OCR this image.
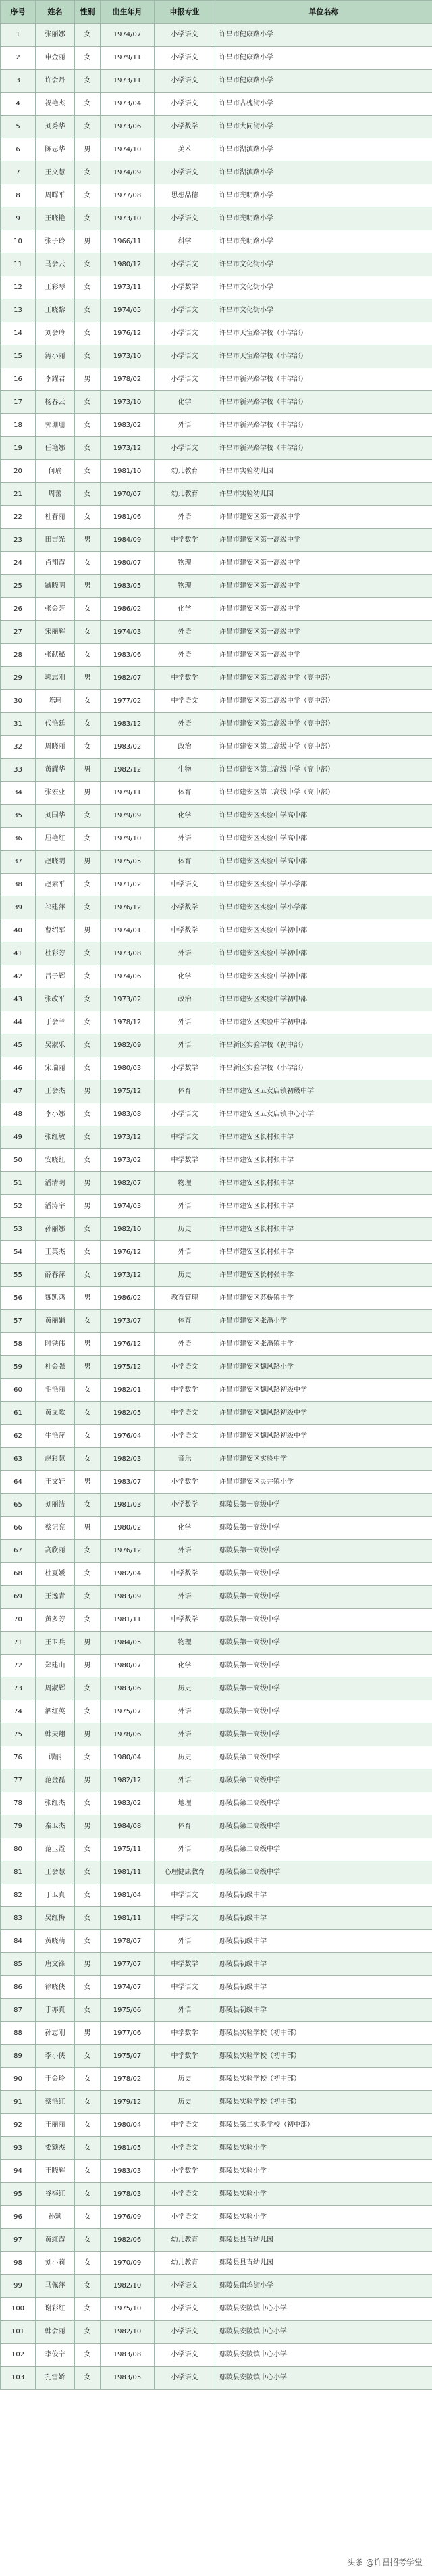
序号	姓名	性别	出生年月	申报专业	单位名称
1	张丽娜	女	1974/07	小学语文	许昌市健康路小学
2	申金丽	女	1979/11	小学语文	许昌市健康路小学
3	许会丹	女	1973/11	小学语文	许昌市健康路小学
4	祝艳杰	女	1973/04	小学语文	许昌市古槐街小学
5	刘秀华	女	1973/06	小学数学	许昌市大同街小学
6	陈志华	男	1974/10	美术	许昌市湖滨路小学
7	王文慧	女	1974/09	小学语文	许昌市湖滨路小学
8	周晖平	女	1977/08	思想品德	许昌市光明路小学
9	王晓艳	女	1973/10	小学语文	许昌市光明路小学
10	张子玲	男	1966/11	科学	许昌市光明路小学
11	马会云	女	1980/12	小学语文	许昌市文化街小学
12	王彩琴	女	1973/11	小学数学	许昌市文化街小学
13	王晓黎	女	1974/05	小学语文	许昌市文化街小学
14	刘会玲	女	1976/12	小学语文	许昌市天宝路学校（小学部）
15	涛小丽	女	1973/10	小学语文	许昌市天宝路学校（小学部）
16	李耀君	男	1978/02	小学语文	许昌市新兴路学校（中学部）
17	杨春云	女	1973/10	化学	许昌市新兴路学校（中学部）
18	郭珊珊	女	1983/02	外语	许昌市新兴路学校（中学部）
19	任艳娜	女	1973/12	小学语文	许昌市新兴路学校（中学部）
20	何瑜	女	1981/10	幼儿教育	许昌市实验幼儿园
21	周蕾	女	1970/07	幼儿教育	许昌市实验幼儿园
22	杜春丽	女	1981/06	外语	许昌市建安区第一高级中学
23	田吉光	男	1984/09	中学数学	许昌市建安区第一高级中学
24	肖翔霞	女	1980/07	物理	许昌市建安区第一高级中学
25	臧晓明	男	1983/05	物理	许昌市建安区第一高级中学
26	张会芳	女	1986/02	化学	许昌市建安区第一高级中学
27	宋丽辉	女	1974/03	外语	许昌市建安区第一高级中学
28	张献秘	女	1983/06	外语	许昌市建安区第一高级中学
29	郭志刚	男	1982/07	中学数学	许昌市建安区第二高级中学（高中部）
30	陈珂	女	1977/02	中学语文	许昌市建安区第二高级中学（高中部）
31	代艳廷	女	1983/12	外语	许昌市建安区第二高级中学（高中部）
32	周晓丽	女	1983/02	政治	许昌市建安区第二高级中学（高中部）
33	黄耀华	男	1982/12	生物	许昌市建安区第二高级中学（高中部）
34	张宏业	男	1979/11	体育	许昌市建安区第二高级中学（高中部）
35	刘国华	女	1979/09	化学	许昌市建安区实验中学高中部
36	屈艳红	女	1979/10	外语	许昌市建安区实验中学高中部
37	赵晓明	男	1975/05	体育	许昌市建安区实验中学高中部
38	赵素平	女	1971/02	中学语文	许昌市建安区实验中学小学部
39	祁建萍	女	1976/12	小学数学	许昌市建安区实验中学小学部
40	曹绍军	男	1974/01	中学数学	许昌市建安区实验中学初中部
41	杜彩芳	女	1973/08	外语	许昌市建安区实验中学初中部
42	吕子辉	女	1974/06	化学	许昌市建安区实验中学初中部
43	张改平	女	1973/02	政治	许昌市建安区实验中学初中部
44	于会兰	女	1978/12	外语	许昌市建安区实验中学初中部
45	吴淑乐	女	1982/09	外语	许昌新区实验学校（初中部）
46	宋瑞丽	女	1980/03	小学数学	许昌新区实验学校（小学部）
47	王会杰	男	1975/12	体育	许昌市建安区五女店镇初级中学
48	李小娜	女	1983/08	小学语文	许昌市建安区五女店镇中心小学
49	张红敏	女	1973/12	中学语文	许昌市建安区长村张中学
50	安晓红	女	1973/02	中学数学	许昌市建安区长村张中学
51	潘清明	男	1982/07	物理	许昌市建安区长村张中学
52	潘涛宇	男	1974/03	外语	许昌市建安区长村张中学
53	孙丽娜	女	1982/10	历史	许昌市建安区长村张中学
54	王英杰	女	1976/12	外语	许昌市建安区长村张中学
55	薛春萍	女	1973/12	历史	许昌市建安区长村张中学
56	魏凯鸿	男	1986/02	教育管理	许昌市建安区苏桥镇中学
57	黄丽娟	女	1973/07	体育	许昌市建安区张潘小学
58	时铁伟	男	1976/12	外语	许昌市建安区张潘镇中学
59	杜会强	男	1975/12	小学语文	许昌市建安区魏风路小学
60	毛艳丽	女	1982/01	中学数学	许昌市建安区魏风路初级中学
61	黄岚歌	女	1982/05	中学语文	许昌市建安区魏风路初级中学
62	牛艳萍	女	1976/04	小学语文	许昌市建安区魏风路初级中学
63	赵彩慧	女	1982/03	音乐	许昌市建安区实验中学
64	王文轩	男	1983/07	小学数学	许昌市建安区灵井镇小学
65	刘丽洁	女	1981/03	小学数学	鄢陵县第一高级中学
66	蔡记亮	男	1980/02	化学	鄢陵县第一高级中学
67	高欣丽	女	1976/12	外语	鄢陵县第一高级中学
68	杜夏媛	女	1982/04	中学数学	鄢陵县第一高级中学
69	王逸青	女	1983/09	外语	鄢陵县第一高级中学
70	黄多芳	女	1981/11	中学数学	鄢陵县第一高级中学
71	王卫兵	男	1984/05	物理	鄢陵县第一高级中学
72	郑建山	男	1980/07	化学	鄢陵县第一高级中学
73	周淑辉	女	1983/06	历史	鄢陵县第一高级中学
74	酒红英	女	1975/07	外语	鄢陵县第一高级中学
75	韩天翔	男	1978/06	外语	鄢陵县第一高级中学
76	谭丽	女	1980/04	历史	鄢陵县第二高级中学
77	范金磊	男	1982/12	外语	鄢陵县第二高级中学
78	张红杰	女	1983/02	地理	鄢陵县第二高级中学
79	秦卫杰	男	1984/08	体育	鄢陵县第二高级中学
80	范玉霞	女	1975/11	外语	鄢陵县第二高级中学
81	王会慧	女	1981/11	心理健康教育	鄢陵县第二高级中学
82	丁卫真	女	1981/04	中学语文	鄢陵县初级中学
83	吴红梅	女	1981/11	中学语文	鄢陵县初级中学
84	黄晓萌	女	1978/07	外语	鄢陵县初级中学
85	唐文锋	男	1977/07	中学数学	鄢陵县初级中学
86	徐晓侠	女	1974/07	中学语文	鄢陵县初级中学
87	于亦真	女	1975/06	外语	鄢陵县初级中学
88	孙志刚	男	1977/06	中学数学	鄢陵县实验学校（初中部）
89	李小侠	女	1975/07	中学数学	鄢陵县实验学校（初中部）
90	于会玲	女	1978/02	历史	鄢陵县实验学校（初中部）
91	蔡艳红	女	1979/12	历史	鄢陵县实验学校（初中部）
92	王丽丽	女	1980/04	中学语文	鄢陵县第二实验学校（初中部）
93	娄颖杰	女	1981/05	小学语文	鄢陵县实验小学
94	王晓辉	女	1983/03	小学数学	鄢陵县实验小学
95	谷梅红	女	1978/03	小学语文	鄢陵县实验小学
96	孙颖	女	1976/09	小学语文	鄢陵县实验小学
97	黄红霞	女	1982/06	幼儿教育	鄢陵县县直幼儿园
98	刘小莉	女	1970/09	幼儿教育	鄢陵县县直幼儿园
99	马佩萍	女	1982/10	小学语文	鄢陵县南坞街小学
100	谢彩红	女	1975/10	小学语文	鄢陵县安陵镇中心小学
101	韩会丽	女	1982/10	小学语文	鄢陵县安陵镇中心小学
102	李俊宁	女	1983/08	小学语文	鄢陵县安陵镇中心小学
103	孔雪娇	女	1983/05	小学语文	鄢陵县安陵镇中心小学
头条 @许昌招考学堂
